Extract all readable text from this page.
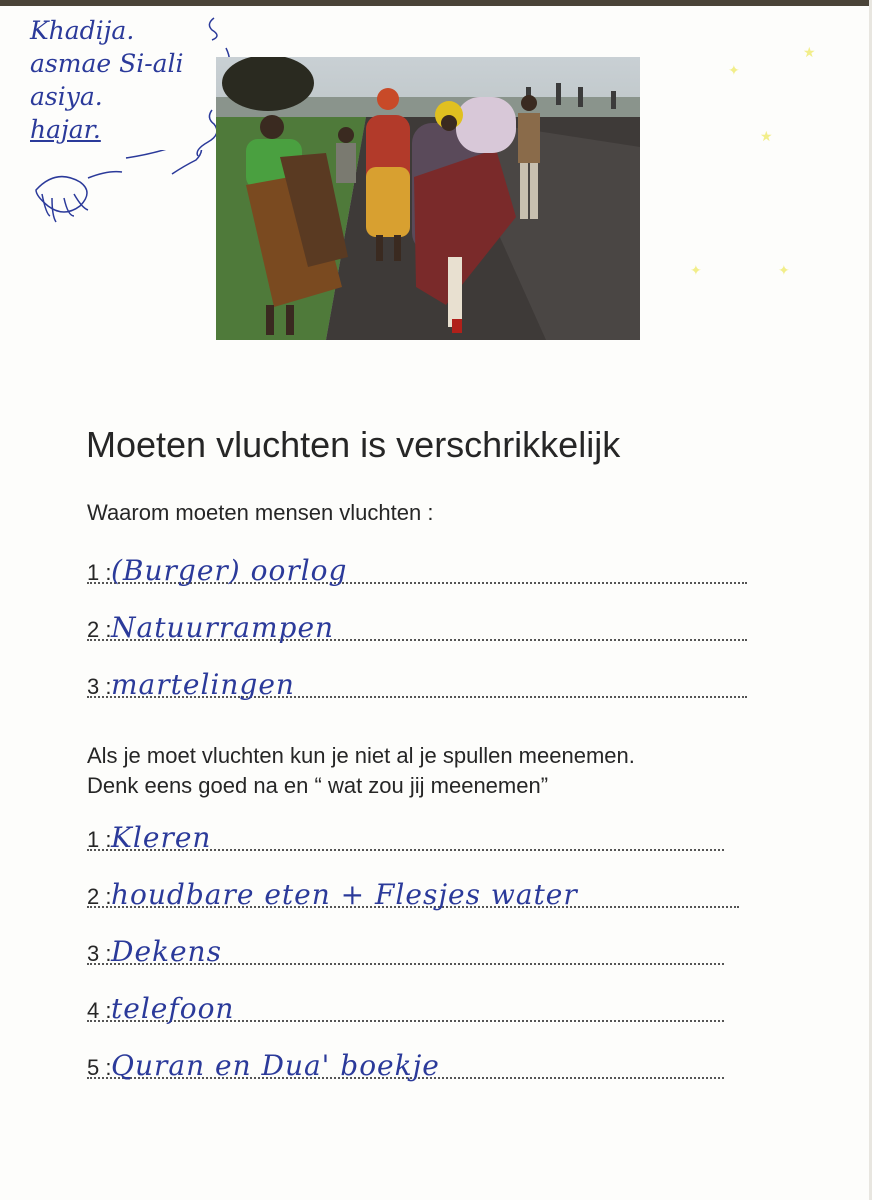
★
✦
★
✦	✦
Khadija.
asmae Si-ali
asiya.
hajar.
Moeten vluchten is verschrikkelijk
Waarom moeten mensen vluchten :
1 : (Burger) oorlog
2 : Natuurrampen
3 : martelingen
Als je moet vluchten kun je niet al je spullen meenemen.
Denk eens goed na en “ wat zou jij meenemen”
1 : Kleren
2 : houdbare eten + Flesjes water
3 : Dekens
4 : telefoon
5 : Quran en Dua' boekje
